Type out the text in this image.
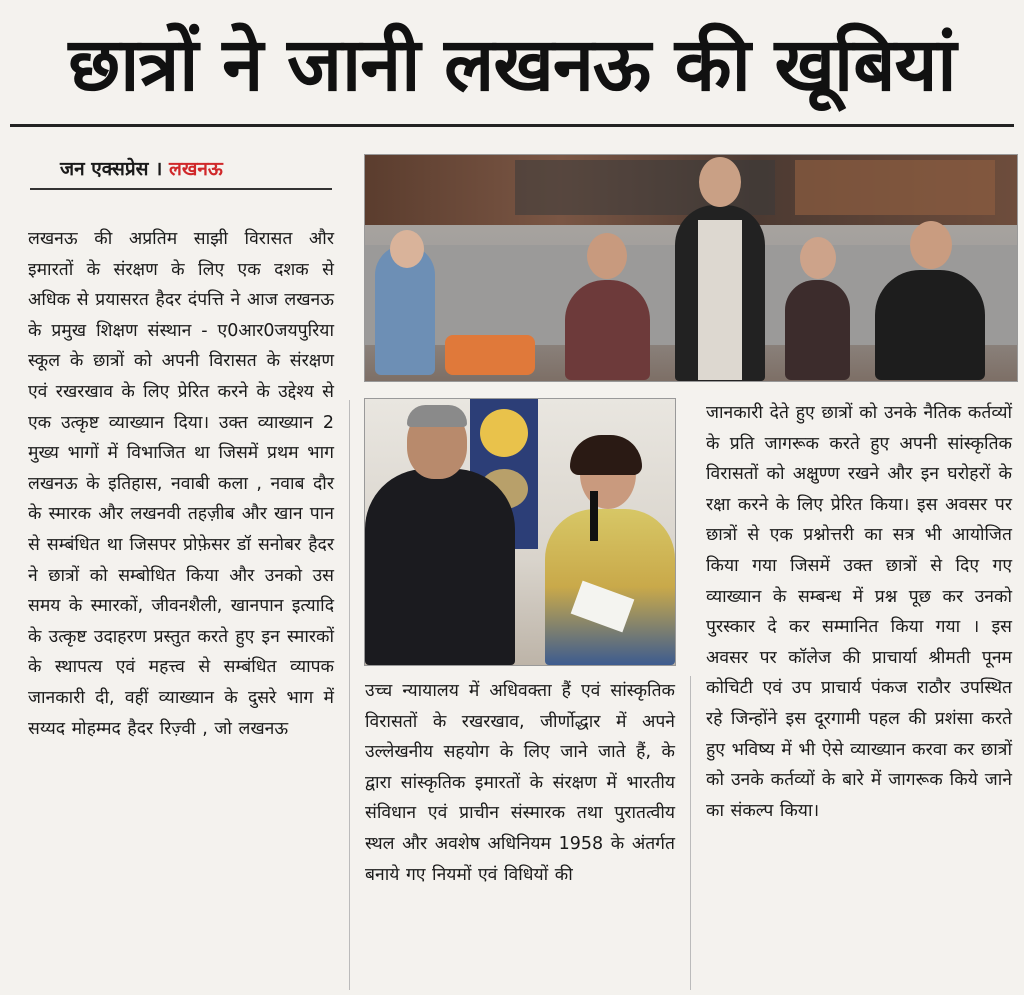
छात्रों ने जानी लखनऊ की खूबियां
जन एक्सप्रेस । लखनऊ
लखनऊ की अप्रतिम साझी विरासत और इमारतों के संरक्षण के लिए एक दशक से अधिक से प्रयासरत हैदर दंपत्ति ने आज लखनऊ के प्रमुख शिक्षण संस्थान - ए0आर0जयपुरिया स्कूल के छात्रों को अपनी विरासत के संरक्षण एवं रखरखाव के लिए प्रेरित करने के उद्देश्य से एक उत्कृष्ट व्याख्यान दिया। उक्त व्याख्यान 2 मुख्य भागों में विभाजित था जिसमें प्रथम भाग लखनऊ के इतिहास, नवाबी कला , नवाब दौर के स्मारक और लखनवी तहज़ीब और खान पान से सम्बंधित था जिसपर प्रोफ़ेसर डॉ सनोबर हैदर ने छात्रों को सम्बोधित किया और उनको उस समय के स्मारकों, जीवनशैली, खानपान इत्यादि के उत्कृष्ट उदाहरण प्रस्तुत करते हुए इन स्मारकों के स्थापत्य एवं महत्त्व से सम्बंधित व्यापक जानकारी दी, वहीं व्याख्यान के दुसरे भाग में सय्यद मोहम्मद हैदर रिज़्वी , जो लखनऊ
उच्च न्यायालय में अधिवक्ता हैं एवं सांस्कृतिक विरासतों के रखरखाव, जीर्णोद्धार में अपने उल्लेखनीय सहयोग के लिए जाने जाते हैं, के द्वारा सांस्कृतिक इमारतों के संरक्षण में भारतीय संविधान एवं प्राचीन संस्मारक तथा पुरातत्वीय स्थल और अवशेष अधिनियम 1958 के अंतर्गत बनाये गए नियमों एवं विधियों की
जानकारी देते हुए छात्रों को उनके नैतिक कर्तव्यों के प्रति जागरूक करते हुए अपनी सांस्कृतिक विरासतों को अक्षुण्ण रखने और इन घरोहरों के रक्षा करने के लिए प्रेरित किया। इस अवसर पर छात्रों से एक प्रश्नोत्तरी का सत्र भी आयोजित किया गया जिसमें उक्त छात्रों से दिए गए व्याख्यान के सम्बन्ध में प्रश्न पूछ कर उनको पुरस्कार दे कर सम्मानित किया गया । इस अवसर पर कॉलेज की प्राचार्या श्रीमती पूनम कोचिटी एवं उप प्राचार्य पंकज राठौर उपस्थित रहे जिन्होंने इस दूरगामी पहल की प्रशंसा करते हुए भविष्य में भी ऐसे व्याख्यान करवा कर छात्रों को उनके कर्तव्यों के बारे में जागरूक किये जाने का संकल्प किया।
